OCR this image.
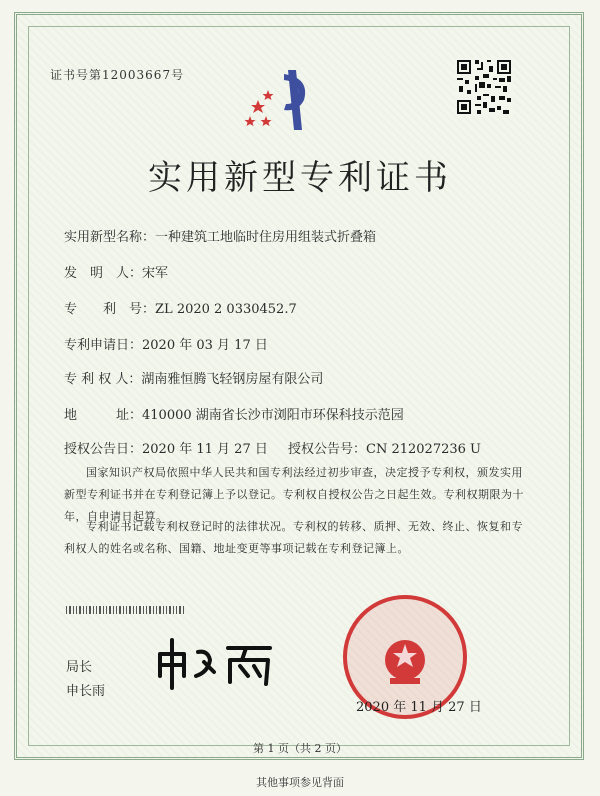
证书号第12003667号
实用新型专利证书
实用新型名称：一种建筑工地临时住房用组装式折叠箱
发　明　人：宋军
专　　利　号：ZL 2020 2 0330452.7
专利申请日：2020 年 03 月 17 日
专 利 权 人：湖南雅恒腾飞轻钢房屋有限公司
地　　　址：410000 湖南省长沙市浏阳市环保科技示范园
授权公告日：2020 年 11 月 27 日 授权公告号：CN 212027236 U
国家知识产权局依照中华人民共和国专利法经过初步审查，决定授予专利权，颁发实用新型专利证书并在专利登记簿上予以登记。专利权自授权公告之日起生效。专利权期限为十年，自申请日起算。
专利证书记载专利权登记时的法律状况。专利权的转移、质押、无效、终止、恢复和专利权人的姓名或名称、国籍、地址变更等事项记载在专利登记簿上。
局长
申长雨
2020 年 11 月 27 日
第 1 页（共 2 页）
其他事项参见背面
